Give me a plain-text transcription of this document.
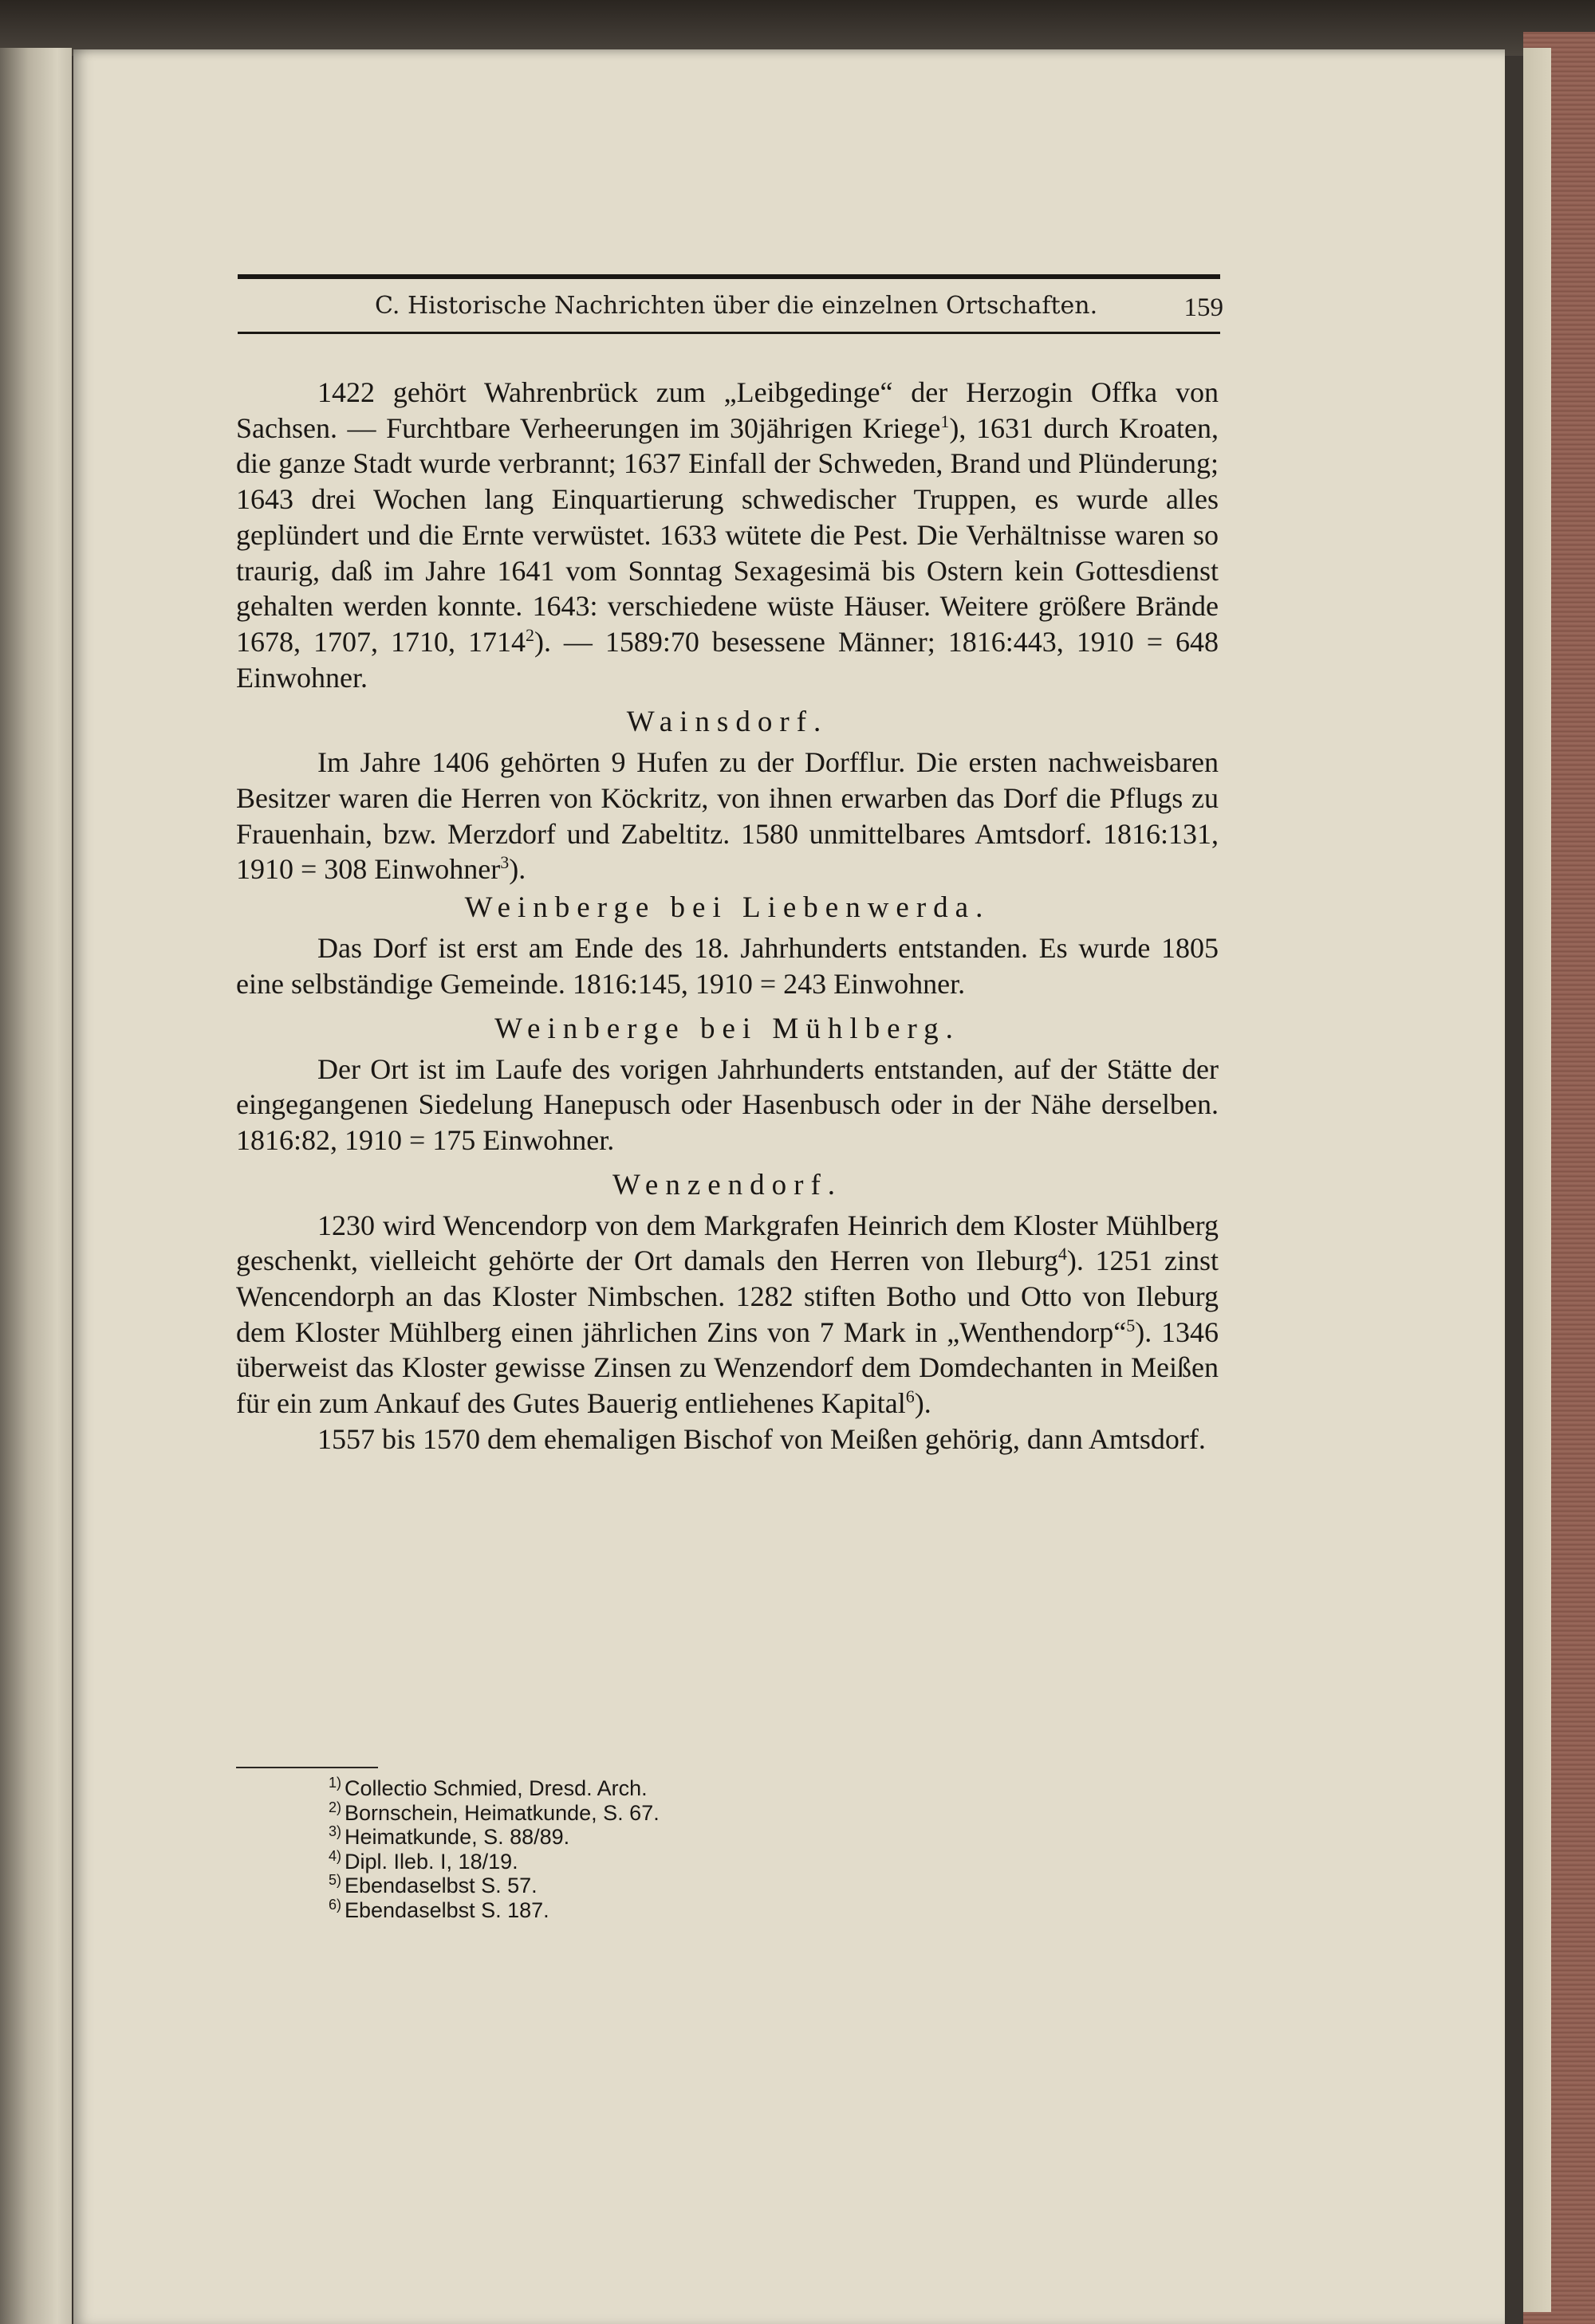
C. Historische Nachrichten über die einzelnen Ortschaften.	159

1422 gehört Wahrenbrück zum „Leibgedinge“ der Herzogin Offka von Sachsen. — Furchtbare Verheerungen im 30jährigen Kriege$^1$), 1631 durch Kroaten, die ganze Stadt wurde verbrannt; 1637 Einfall der Schweden, Brand und Plünderung; 1643 drei Wochen lang Einquartierung schwedischer Truppen, es wurde alles geplündert und die Ernte verwüstet. 1633 wütete die Pest. Die Verhältnisse waren so traurig, daß im Jahre 1641 vom Sonntag Sexagesimä bis Ostern kein Gottesdienst gehalten werden konnte. 1643: verschiedene wüste Häuser. Weitere größere Brände 1678, 1707, 1710, 1714$^2$). — 1589:70 besessene Männer; 1816:443, 1910 = 648 Einwohner.

Wainsdorf.

Im Jahre 1406 gehörten 9 Hufen zu der Dorfflur. Die ersten nachweisbaren Besitzer waren die Herren von Köckritz, von ihnen erwarben das Dorf die Pflugs zu Frauenhain, bzw. Merzdorf und Zabeltitz. 1580 unmittelbares Amtsdorf. 1816:131, 1910 = 308 Einwohner$^3$).

Weinberge bei Liebenwerda.

Das Dorf ist erst am Ende des 18. Jahrhunderts entstanden. Es wurde 1805 eine selbständige Gemeinde. 1816:145, 1910 = 243 Einwohner.

Weinberge bei Mühlberg.

Der Ort ist im Laufe des vorigen Jahrhunderts entstanden, auf der Stätte der eingegangenen Siedelung Hanepusch oder Hasenbusch oder in der Nähe derselben. 1816:82, 1910 = 175 Einwohner.

Wenzendorf.

1230 wird Wencendorp von dem Markgrafen Heinrich dem Kloster Mühlberg geschenkt, vielleicht gehörte der Ort damals den Herren von Ileburg$^4$). 1251 zinst Wencendorph an das Kloster Nimbschen. 1282 stiften Botho und Otto von Ileburg dem Kloster Mühlberg einen jährlichen Zins von 7 Mark in „Wenthendorp“$^5$). 1346 überweist das Kloster gewisse Zinsen zu Wenzendorf dem Domdechanten in Meißen für ein zum Ankauf des Gutes Bauerig entliehenes Kapital$^6$).

1557 bis 1570 dem ehemaligen Bischof von Meißen gehörig, dann Amtsdorf.

1) Collectio Schmied, Dresd. Arch.
2) Bornschein, Heimatkunde, S. 67.
3) Heimatkunde, S. 88/89.
4) Dipl. Ileb. I, 18/19.
5) Ebendaselbst S. 57.
6) Ebendaselbst S. 187.
